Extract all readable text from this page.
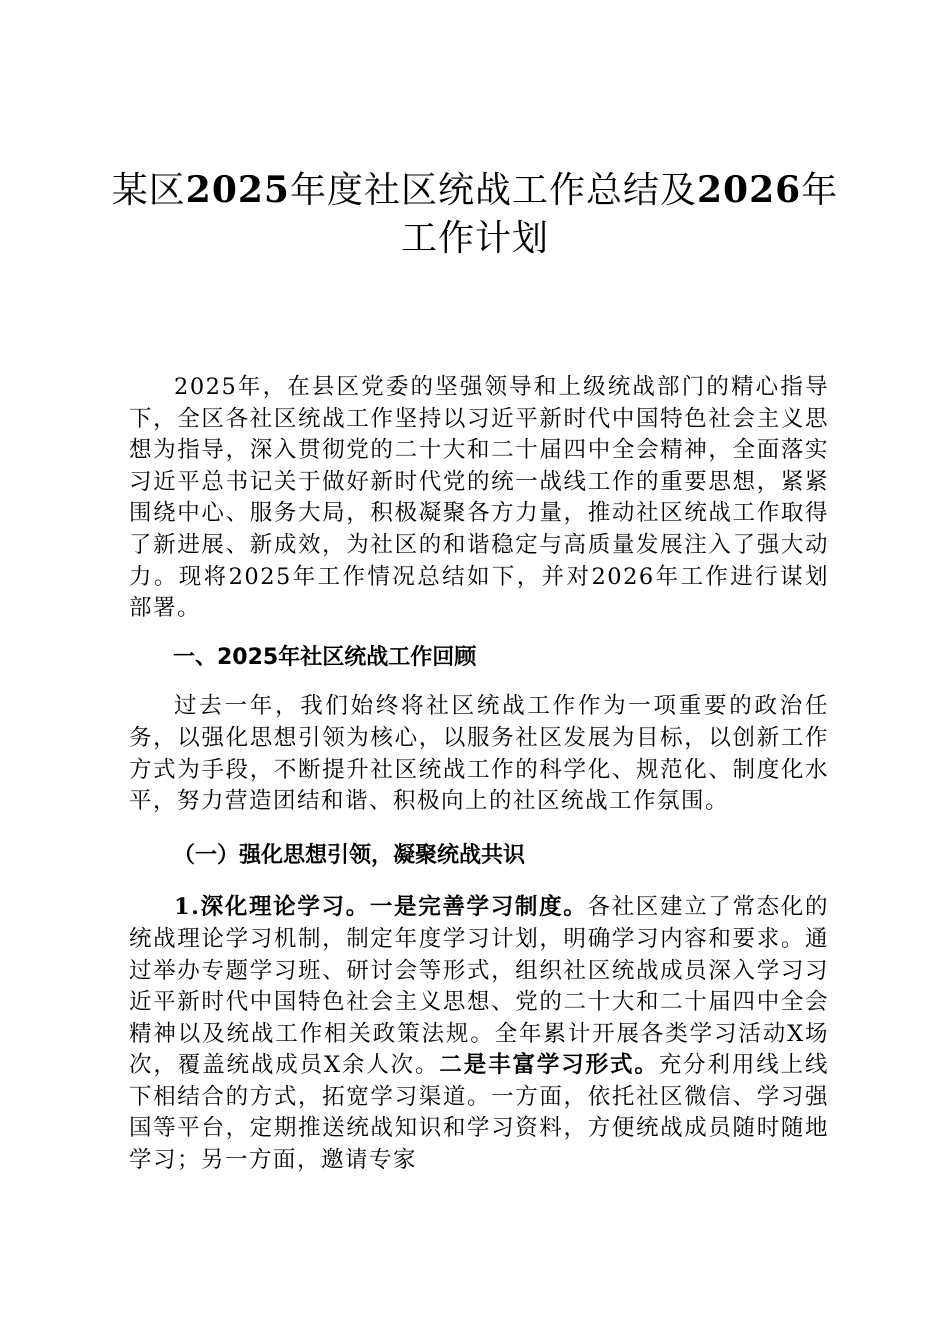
某区2025年度社区统战工作总结及2026年工作计划

2025年，在县区党委的坚强领导和上级统战部门的精心指导下，全区各社区统战工作坚持以习近平新时代中国特色社会主义思想为指导，深入贯彻党的二十大和二十届四中全会精神，全面落实习近平总书记关于做好新时代党的统一战线工作的重要思想，紧紧围绕中心、服务大局，积极凝聚各方力量，推动社区统战工作取得了新进展、新成效，为社区的和谐稳定与高质量发展注入了强大动力。现将2025年工作情况总结如下，并对2026年工作进行谋划部署。

一、2025年社区统战工作回顾

过去一年，我们始终将社区统战工作作为一项重要的政治任务，以强化思想引领为核心，以服务社区发展为目标，以创新工作方式为手段，不断提升社区统战工作的科学化、规范化、制度化水平，努力营造团结和谐、积极向上的社区统战工作氛围。

（一）强化思想引领，凝聚统战共识

1.深化理论学习。一是完善学习制度。各社区建立了常态化的统战理论学习机制，制定年度学习计划，明确学习内容和要求。通过举办专题学习班、研讨会等形式，组织社区统战成员深入学习习近平新时代中国特色社会主义思想、党的二十大和二十届四中全会精神以及统战工作相关政策法规。全年累计开展各类学习活动X场次，覆盖统战成员X余人次。二是丰富学习形式。充分利用线上线下相结合的方式，拓宽学习渠道。一方面，依托社区微信、学习强国等平台，定期推送统战知识和学习资料，方便统战成员随时随地学习；另一方面，邀请专家
